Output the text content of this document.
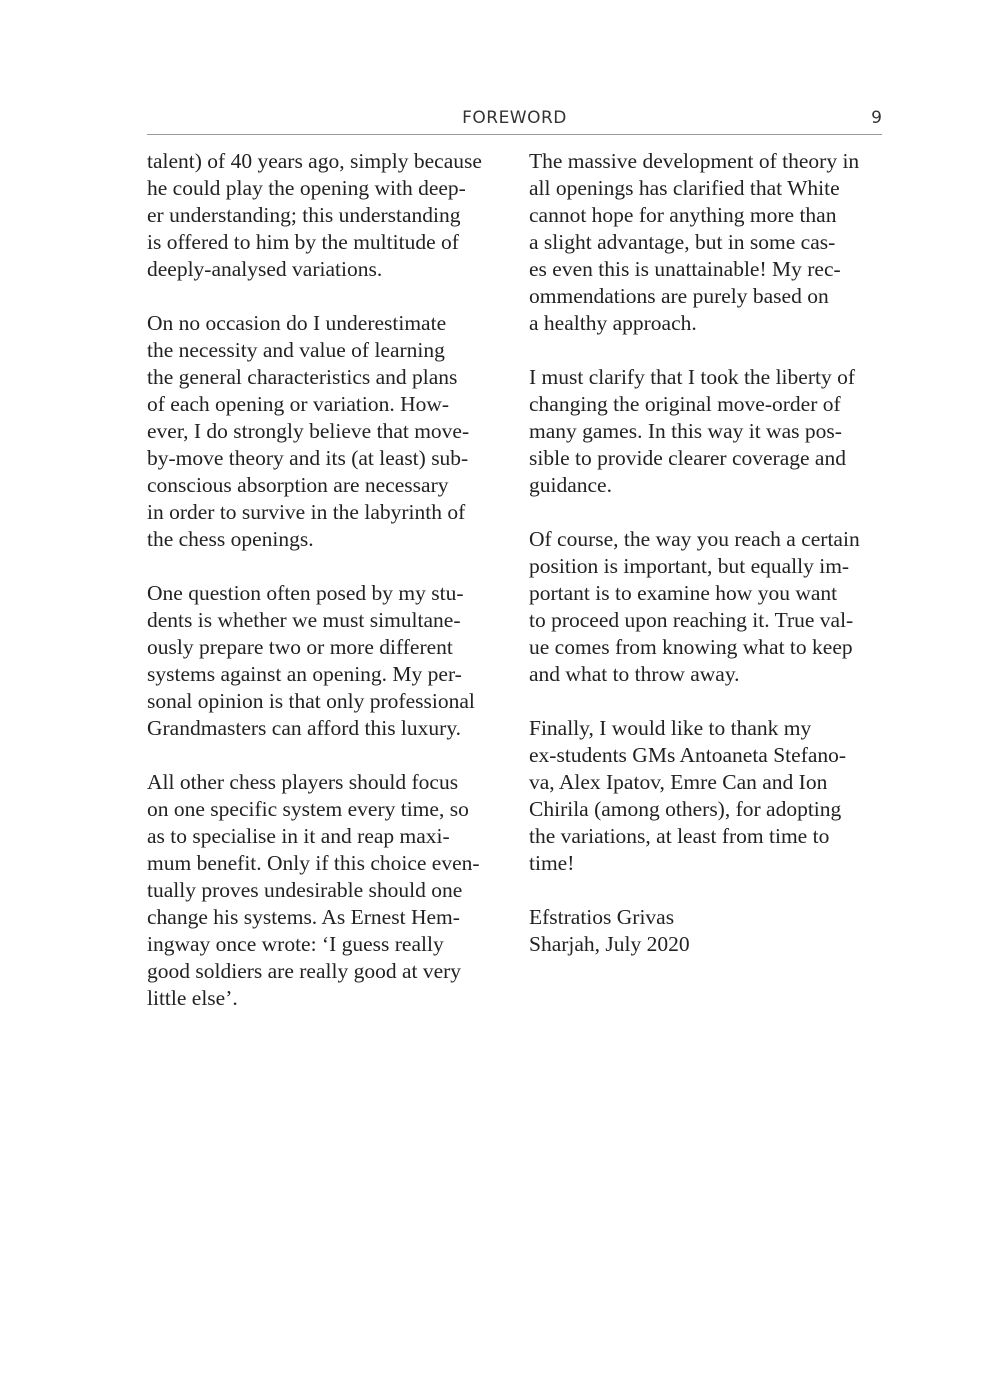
FOREWORD	9

talent) of 40 years ago, simply because
he could play the opening with deep-
er understanding; this understanding
is offered to him by the multitude of
deeply-analysed variations.

On no occasion do I underestimate
the necessity and value of learning
the general characteristics and plans
of each opening or variation. How-
ever, I do strongly believe that move-
by-move theory and its (at least) sub-
conscious absorption are necessary
in order to survive in the labyrinth of
the chess openings.

One question often posed by my stu-
dents is whether we must simultane-
ously prepare two or more different
systems against an opening. My per-
sonal opinion is that only professional
Grandmasters can afford this luxury.

All other chess players should focus
on one specific system every time, so
as to specialise in it and reap maxi-
mum benefit. Only if this choice even-
tually proves undesirable should one
change his systems. As Ernest Hem-
ingway once wrote: ‘I guess really
good soldiers are really good at very
little else’.

The massive development of theory in
all openings has clarified that White
cannot hope for anything more than
a slight advantage, but in some cas-
es even this is unattainable! My rec-
ommendations are purely based on
a healthy approach.

I must clarify that I took the liberty of
changing the original move-order of
many games. In this way it was pos-
sible to provide clearer coverage and
guidance.

Of course, the way you reach a certain
position is important, but equally im-
portant is to examine how you want
to proceed upon reaching it. True val-
ue comes from knowing what to keep
and what to throw away.

Finally, I would like to thank my
ex-students GMs Antoaneta Stefano-
va, Alex Ipatov, Emre Can and Ion
Chirila (among others), for adopting
the variations, at least from time to
time!

Efstratios Grivas
Sharjah, July 2020
